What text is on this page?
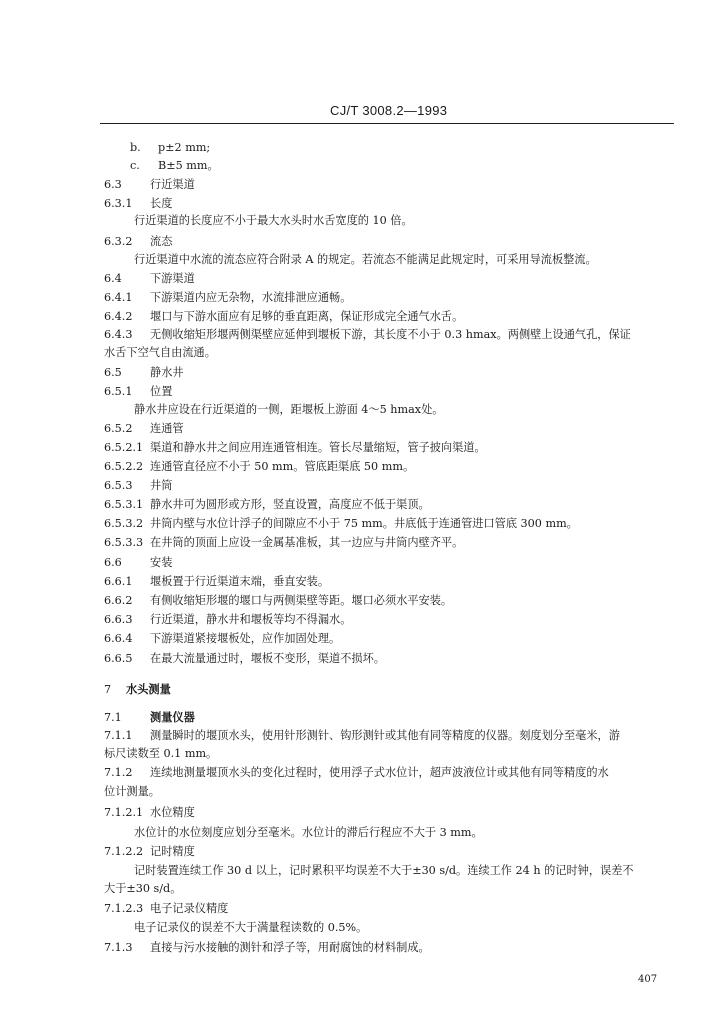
CJ/T 3008.2—1993
b. p±2 mm;
c. B±5 mm。
6.3	行近渠道
6.3.1 长度
行近渠道的长度应不小于最大水头时水舌宽度的 10 倍。
6.3.2 流态
行近渠道中水流的流态应符合附录 A 的规定。若流态不能满足此规定时，可采用导流板整流。
6.4	下游渠道
6.4.1 下游渠道内应无杂物，水流排泄应通畅。
6.4.2 堰口与下游水面应有足够的垂直距离，保证形成完全通气水舌。
6.4.3 无侧收缩矩形堰两侧渠壁应延伸到堰板下游，其长度不小于 0.3 hmax。两侧壁上设通气孔，保证
水舌下空气自由流通。
6.5	静水井
6.5.1 位置
静水井应设在行近渠道的一侧，距堰板上游面 4～5 hmax处。
6.5.2 连通管
6.5.2.1 渠道和静水井之间应用连通管相连。管长尽量缩短，管子披向渠道。
6.5.2.2 连通管直径应不小于 50 mm。管底距渠底 50 mm。
6.5.3 井筒
6.5.3.1 静水井可为圆形或方形，竖直设置，高度应不低于渠顶。
6.5.3.2 井筒内壁与水位计浮子的间隙应不小于 75 mm。井底低于连通管进口管底 300 mm。
6.5.3.3 在井筒的顶面上应设一金属基准板，其一边应与井筒内壁齐平。
6.6	安装
6.6.1 堰板置于行近渠道末端，垂直安装。
6.6.2 有侧收缩矩形堰的堰口与两侧渠壁等距。堰口必须水平安装。
6.6.3 行近渠道，静水井和堰板等均不得漏水。
6.6.4 下游渠道紧接堰板处，应作加固处理。
6.6.5 在最大流量通过时，堰板不变形，渠道不损坏。
7 水头测量
7.1	测量仪器
7.1.1 测量瞬时的堰顶水头，使用针形测针、钩形测针或其他有同等精度的仪器。刻度划分至毫米，游
标尺读数至 0.1 mm。
7.1.2 连续地测量堰顶水头的变化过程时，使用浮子式水位计，超声波液位计或其他有同等精度的水
位计测量。
7.1.2.1 水位精度
水位计的水位刻度应划分至毫米。水位计的滞后行程应不大于 3 mm。
7.1.2.2 记时精度
记时装置连续工作 30 d 以上，记时累积平均误差不大于±30 s/d。连续工作 24 h 的记时钟，误差不
大于±30 s/d。
7.1.2.3 电子记录仪精度
电子记录仪的误差不大于满量程读数的 0.5%。
7.1.3 直接与污水接触的测针和浮子等，用耐腐蚀的材料制成。
407
